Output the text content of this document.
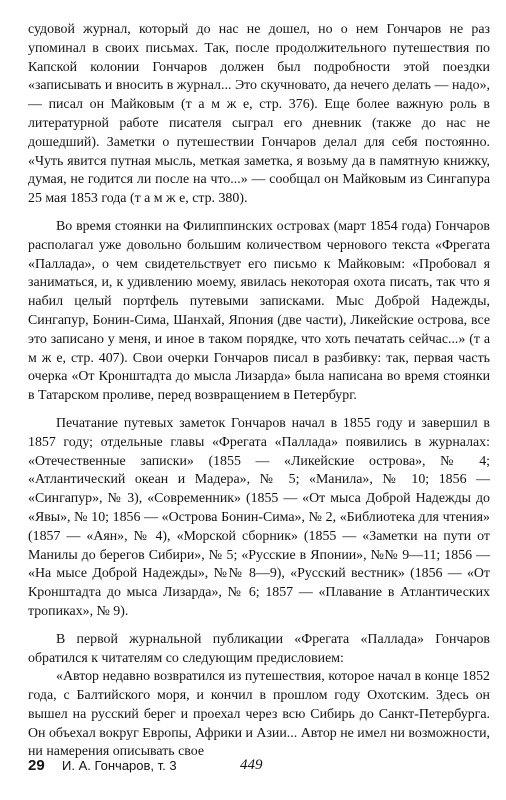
судовой журнал, который до нас не дошел, но о нем Гончаров не раз упоминал в своих письмах. Так, после продолжительного путешествия по Капской колонии Гончаров должен был подробности этой поездки «записывать и вносить в журнал... Это скучновато, да нечего делать — надо», — писал он Майковым (т а м ж е, стр. 376). Еще более важную роль в литературной работе писателя сыграл его дневник (также до нас не дошедший). Заметки о путешествии Гончаров делал для себя постоянно. «Чуть явится путная мысль, меткая заметка, я возьму да в памятную книжку, думая, не годится ли после на что...» — сообщал он Майковым из Сингапура 25 мая 1853 года (т а м ж е, стр. 380).

Во время стоянки на Филиппинских островах (март 1854 года) Гончаров располагал уже довольно большим количеством чернового текста «Фрегата «Паллада», о чем свидетельствует его письмо к Майковым: «Пробовал я заниматься, и, к удивлению моему, явилась некоторая охота писать, так что я набил целый портфель путевыми записками. Мыс Доброй Надежды, Сингапур, Бонин-Сима, Шанхай, Япония (две части), Ликейские острова, все это записано у меня, и иное в таком порядке, что хоть печатать сейчас...» (т а м ж е, стр. 407). Свои очерки Гончаров писал в разбивку: так, первая часть очерка «От Кронштадта до мысла Лизарда» была написана во время стоянки в Татарском проливе, перед возвращением в Петербург.

Печатание путевых заметок Гончаров начал в 1855 году и завершил в 1857 году; отдельные главы «Фрегата «Паллада» появились в журналах: «Отечественные записки» (1855 — «Ликейские острова», № 4; «Атлантический океан и Мадера», № 5; «Манила», № 10; 1856 — «Сингапур», № 3), «Современник» (1855 — «От мыса Доброй Надежды до «Явы», № 10; 1856 — «Острова Бонин-Сима», № 2, «Библиотека для чтения» (1857 — «Аян», № 4), «Морской сборник» (1855 — «Заметки на пути от Манилы до берегов Сибири», № 5; «Русские в Японии», №№ 9—11; 1856 — «На мысе Доброй Надежды», №№ 8—9), «Русский вестник» (1856 — «От Кронштадта до мыса Лизарда», № 6; 1857 — «Плавание в Атлантических тропиках», № 9).

В первой журнальной публикации «Фрегата «Паллада» Гончаров обратился к читателям со следующим предисловием:

«Автор недавно возвратился из путешествия, которое начал в конце 1852 года, с Балтийского моря, и кончил в прошлом году Охотским. Здесь он вышел на русский берег и проехал через всю Сибирь до Санкт-Петербурга. Он объехал вокруг Европы, Африки и Азии... Автор не имел ни возможности, ни намерения описывать свое

29 И. А. Гончаров, т. 3	449
